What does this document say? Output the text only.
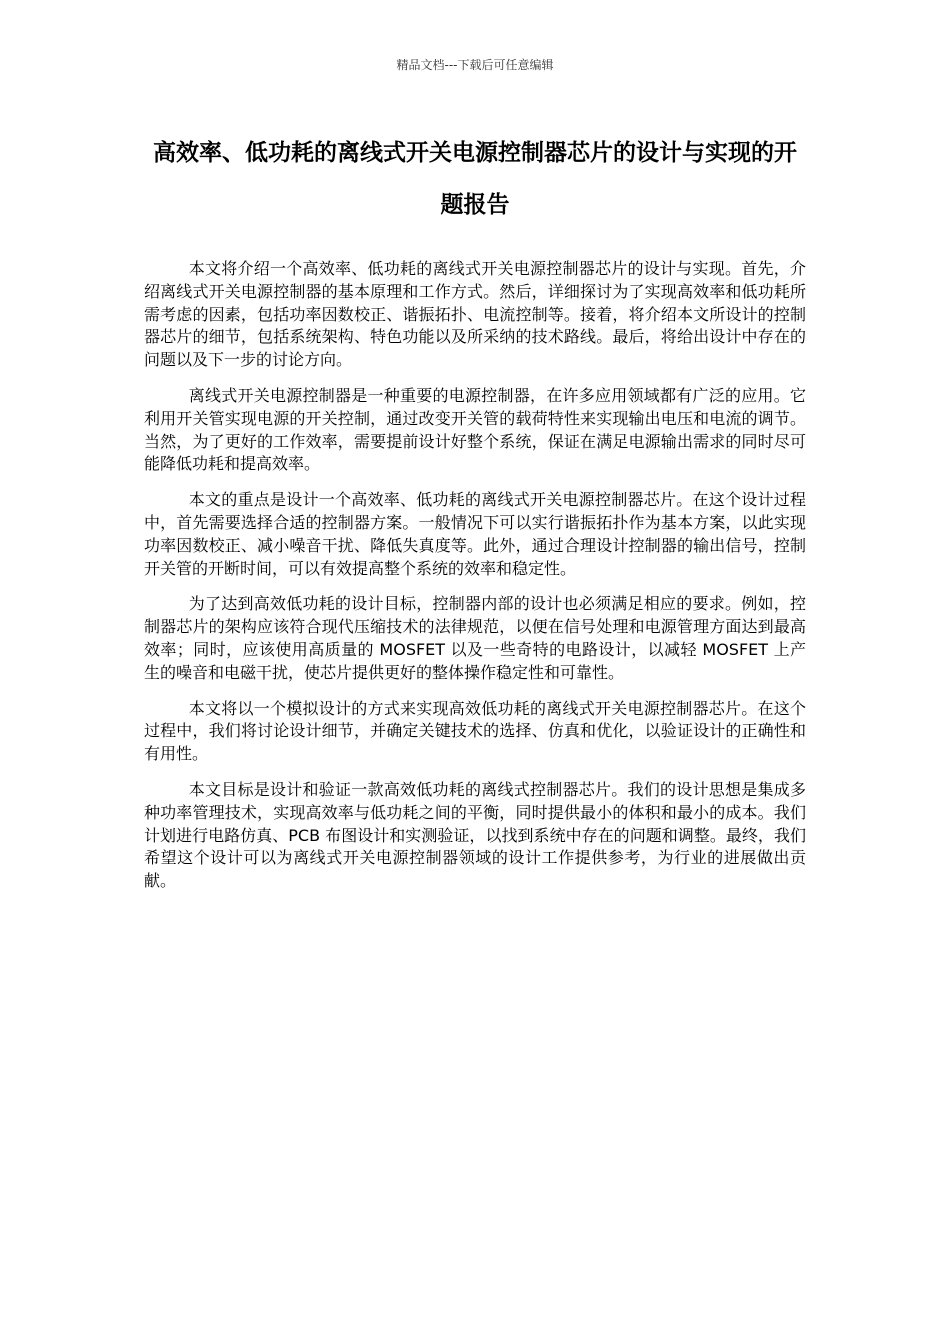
精品文档---下载后可任意编辑
高效率、低功耗的离线式开关电源控制器芯片的设计与实现的开题报告

本文将介绍一个高效率、低功耗的离线式开关电源控制器芯片的设计与实现。首先，介绍离线式开关电源控制器的基本原理和工作方式。然后，详细探讨为了实现高效率和低功耗所需考虑的因素，包括功率因数校正、谐振拓扑、电流控制等。接着，将介绍本文所设计的控制器芯片的细节，包括系统架构、特色功能以及所采纳的技术路线。最后，将给出设计中存在的问题以及下一步的讨论方向。

离线式开关电源控制器是一种重要的电源控制器，在许多应用领域都有广泛的应用。它利用开关管实现电源的开关控制，通过改变开关管的载荷特性来实现输出电压和电流的调节。当然，为了更好的工作效率，需要提前设计好整个系统，保证在满足电源输出需求的同时尽可能降低功耗和提高效率。

本文的重点是设计一个高效率、低功耗的离线式开关电源控制器芯片。在这个设计过程中，首先需要选择合适的控制器方案。一般情况下可以实行谐振拓扑作为基本方案，以此实现功率因数校正、减小噪音干扰、降低失真度等。此外，通过合理设计控制器的输出信号，控制开关管的开断时间，可以有效提高整个系统的效率和稳定性。

为了达到高效低功耗的设计目标，控制器内部的设计也必须满足相应的要求。例如，控制器芯片的架构应该符合现代压缩技术的法律规范，以便在信号处理和电源管理方面达到最高效率；同时，应该使用高质量的 MOSFET 以及一些奇特的电路设计，以减轻 MOSFET 上产生的噪音和电磁干扰，使芯片提供更好的整体操作稳定性和可靠性。

本文将以一个模拟设计的方式来实现高效低功耗的离线式开关电源控制器芯片。在这个过程中，我们将讨论设计细节，并确定关键技术的选择、仿真和优化，以验证设计的正确性和有用性。

本文目标是设计和验证一款高效低功耗的离线式控制器芯片。我们的设计思想是集成多种功率管理技术，实现高效率与低功耗之间的平衡，同时提供最小的体积和最小的成本。我们计划进行电路仿真、PCB 布图设计和实测验证，以找到系统中存在的问题和调整。最终，我们希望这个设计可以为离线式开关电源控制器领域的设计工作提供参考，为行业的进展做出贡献。
